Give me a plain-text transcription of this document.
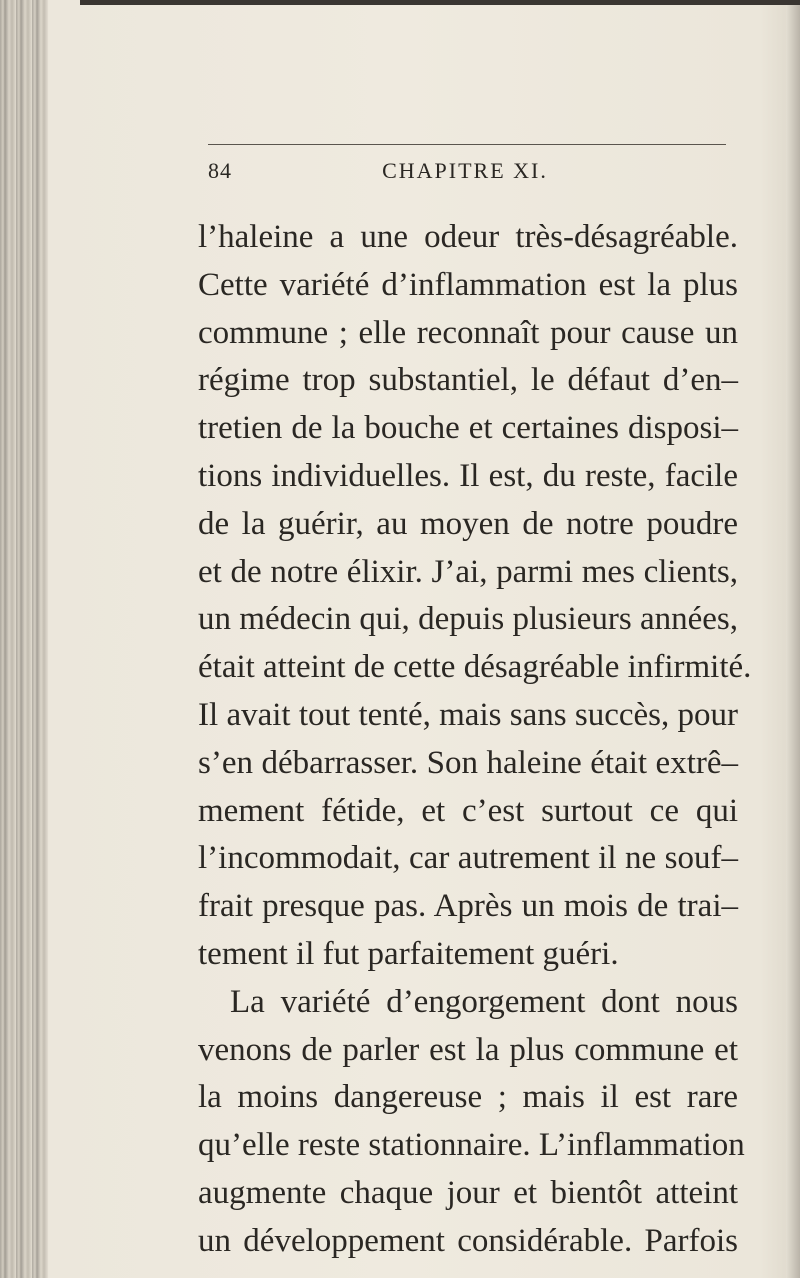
84	CHAPITRE XI.
l’haleine a une odeur très-désagréable.
Cette variété d’inflammation est la plus
commune ; elle reconnaît pour cause un
régime trop substantiel, le défaut d’en–
tretien de la bouche et certaines disposi–
tions individuelles. Il est, du reste, facile
de la guérir, au moyen de notre poudre
et de notre élixir. J’ai, parmi mes clients,
un médecin qui, depuis plusieurs années,
était atteint de cette désagréable infirmité.
Il avait tout tenté, mais sans succès, pour
s’en débarrasser. Son haleine était extrê–
mement fétide, et c’est surtout ce qui
l’incommodait, car autrement il ne souf–
frait presque pas. Après un mois de trai–
tement il fut parfaitement guéri.
La variété d’engorgement dont nous
venons de parler est la plus commune et
la moins dangereuse ; mais il est rare
qu’elle reste stationnaire. L’inflammation
augmente chaque jour et bientôt atteint
un développement considérable. Parfois
